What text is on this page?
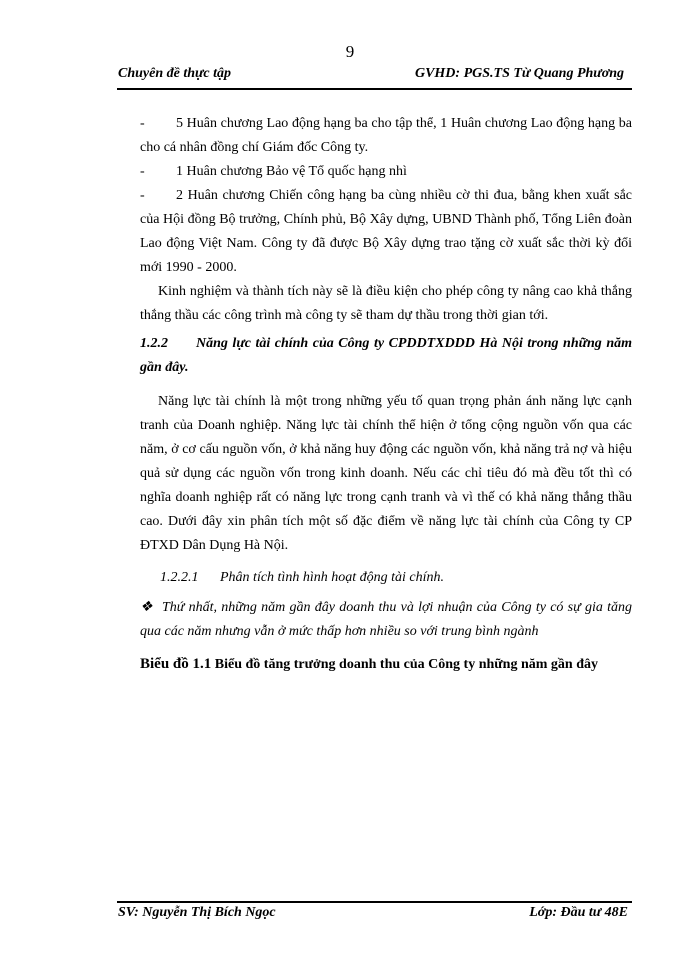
9
Chuyên đề thực tập	GVHD: PGS.TS Từ Quang Phương

- 5 Huân chương Lao động hạng ba cho tập thể, 1 Huân chương Lao động hạng ba cho cá nhân đồng chí Giám đốc Công ty.

- 1 Huân chương Bảo vệ Tổ quốc hạng nhì

- 2 Huân chương Chiến công hạng ba cùng nhiều cờ thi đua, bằng khen xuất sắc của Hội đồng Bộ trưởng, Chính phủ, Bộ Xây dựng, UBND Thành phố, Tổng Liên đoàn Lao động Việt Nam. Công ty đã được Bộ Xây dựng trao tặng cờ xuất sắc thời kỳ đổi mới 1990 - 2000.

Kinh nghiệm và thành tích này sẽ là điều kiện cho phép công ty nâng cao khả thắng thắng thầu các công trình mà công ty sẽ tham dự thầu trong thời gian tới.

1.2.2 Năng lực tài chính của Công ty CPDDTXDDD Hà Nội trong những năm gần đây.

Năng lực tài chính là một trong những yếu tố quan trọng phản ánh năng lực cạnh tranh của Doanh nghiệp. Năng lực tài chính thể hiện ở tổng cộng nguồn vốn qua các năm, ở cơ cấu nguồn vốn, ở khả năng huy động các nguồn vốn, khả năng trả nợ và hiệu quả sử dụng các nguồn vốn trong kinh doanh. Nếu các chỉ tiêu đó mà đều tốt thì có nghĩa doanh nghiệp rất có năng lực trong cạnh tranh và vì thế có khả năng thắng thầu cao. Dưới đây xin phân tích một số đặc điểm về năng lực tài chính của Công ty CP ĐTXD Dân Dụng Hà Nội.

1.2.2.1 Phân tích tình hình hoạt động tài chính.

❖ Thứ nhất, những năm gần đây doanh thu và lợi nhuận của Công ty có sự gia tăng qua các năm nhưng vẫn ở mức thấp hơn nhiều so với trung bình ngành

Biểu đồ 1.1 Biểu đồ tăng trưởng doanh thu của Công ty những năm gần đây

SV: Nguyễn Thị Bích Ngọc	Lớp: Đầu tư 48E
